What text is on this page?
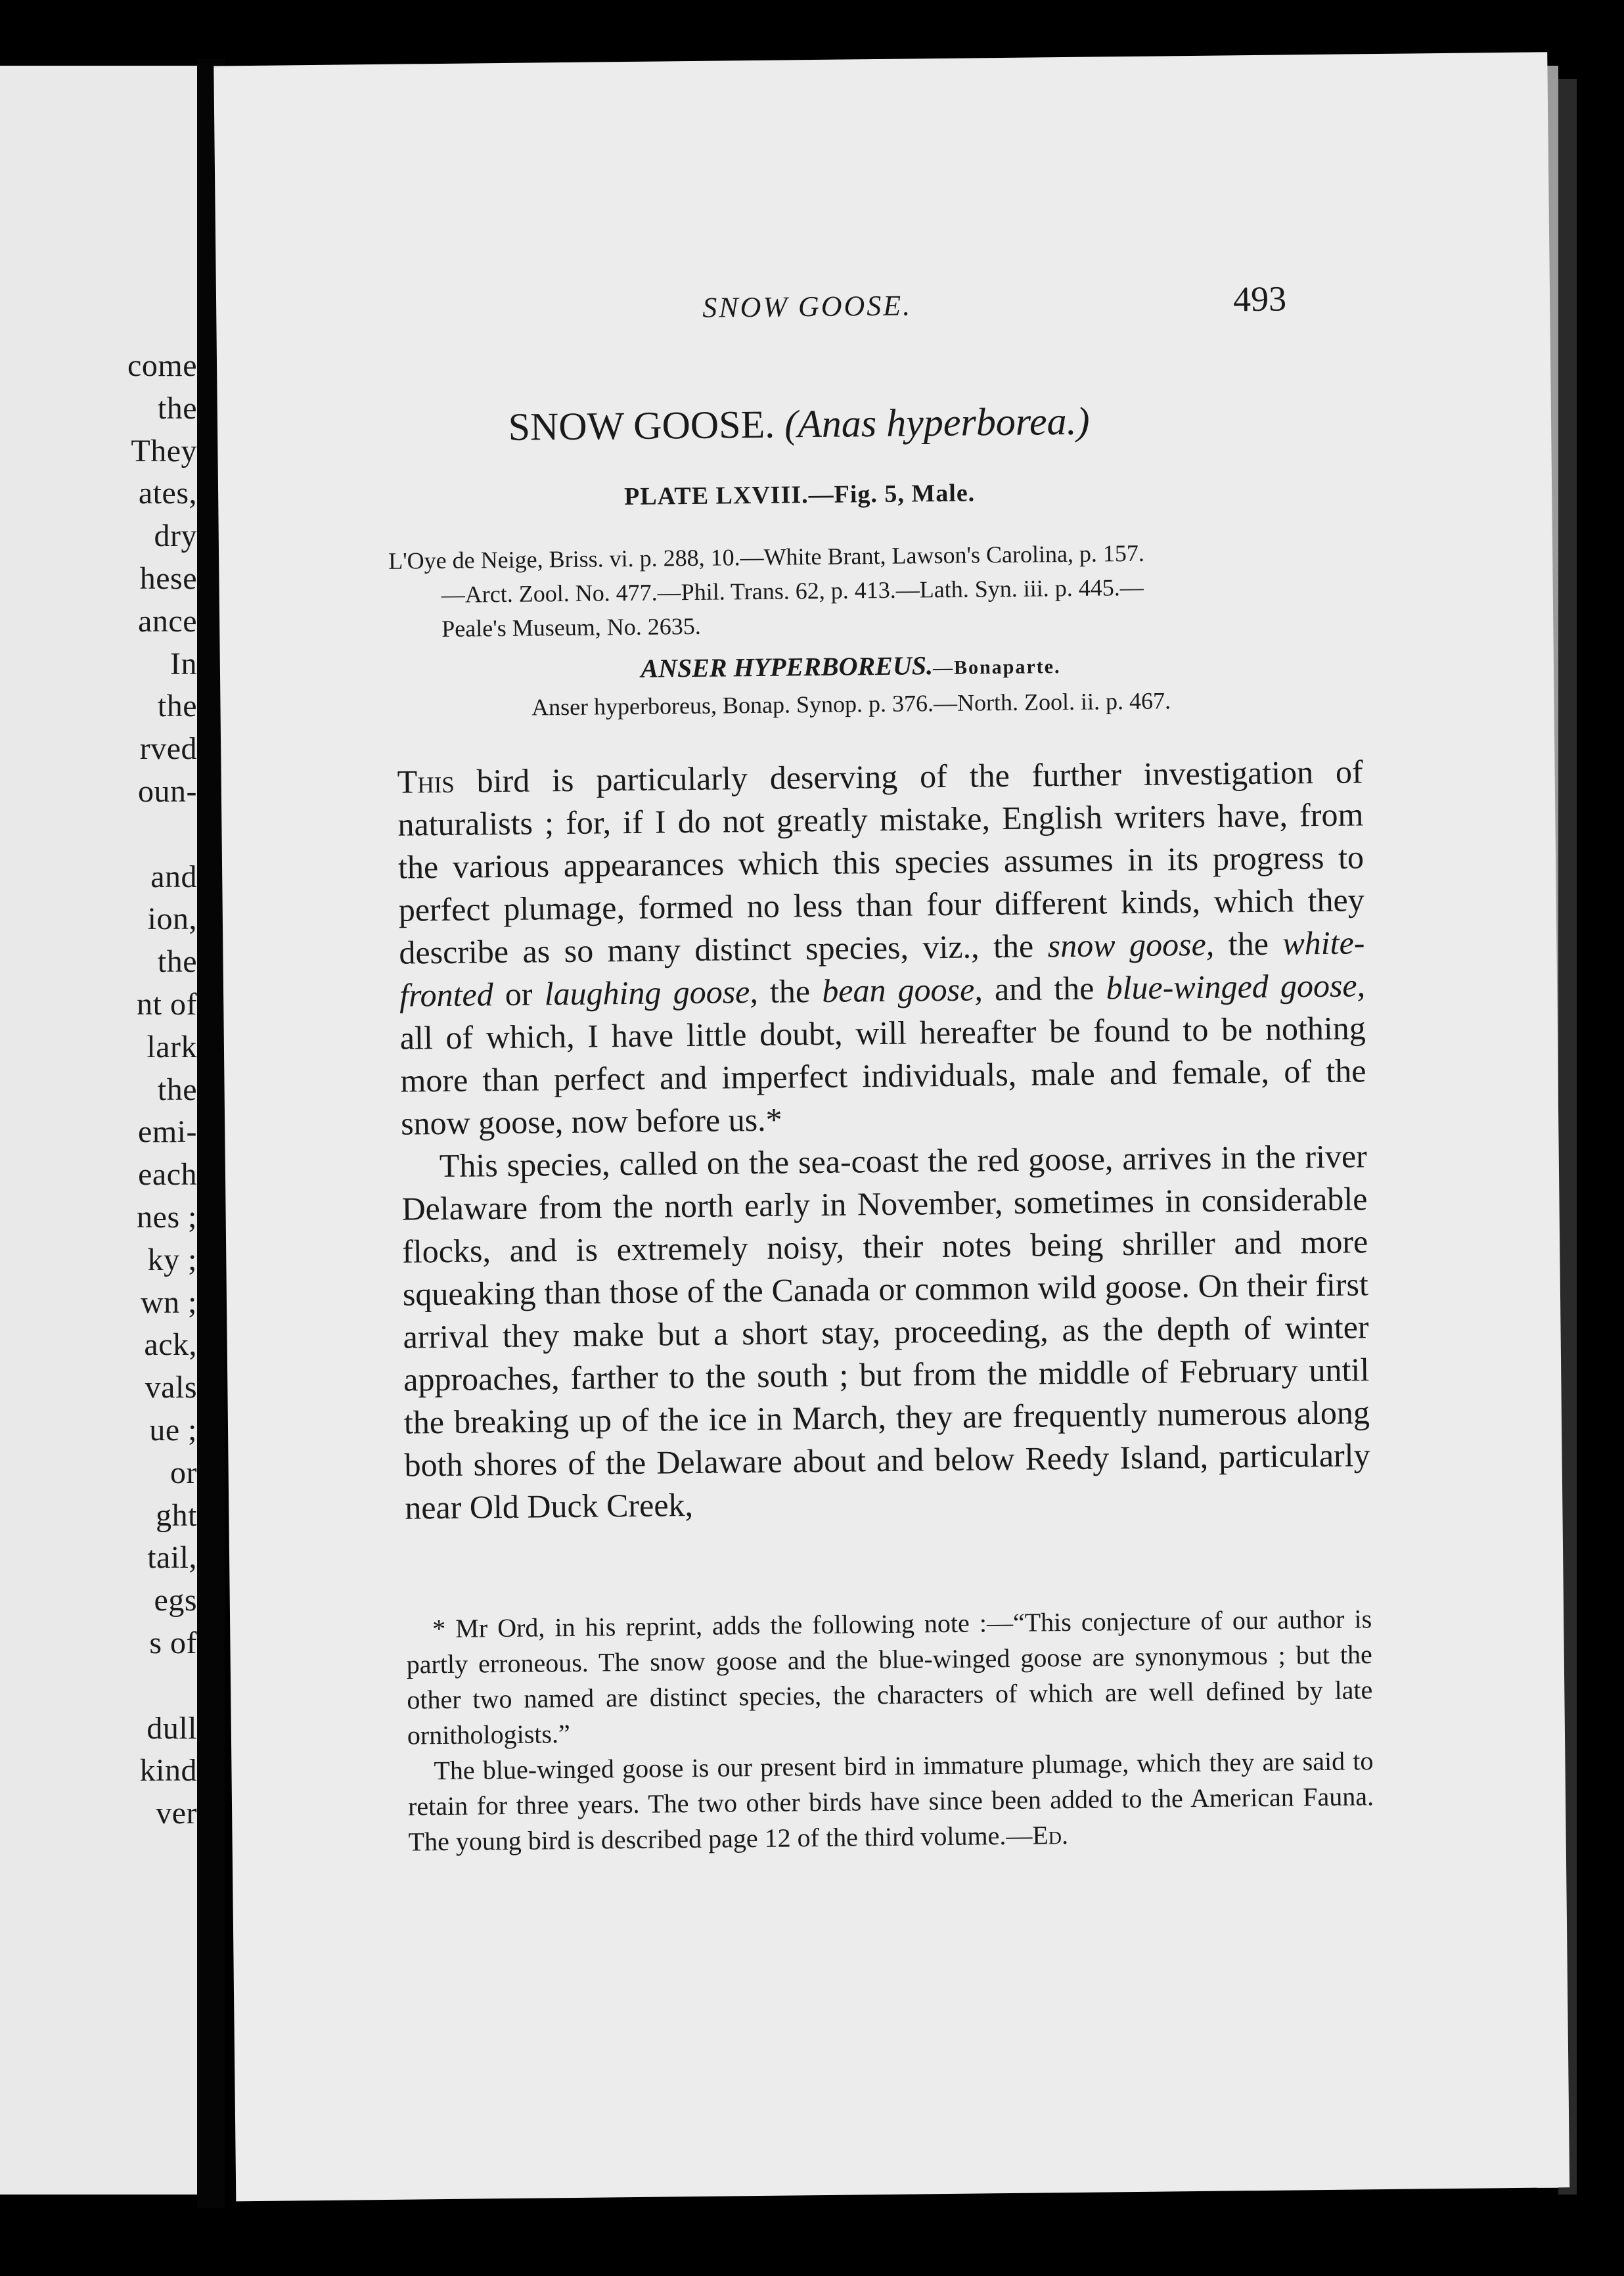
come
the
They
ates,
dry
hese
ance
In
the
rved
oun-
and
ion,
the
nt of
lark
the
emi-
each
nes ;
ky ;
wn ;
ack,
vals
ue ;
or
ght
tail,
egs
s of
dull
kind
ver
SNOW GOOSE.	493
SNOW GOOSE. (Anas hyperborea.)
PLATE LXVIII.—Fig. 5, Male.
L'Oye de Neige, Briss. vi. p. 288, 10.—White Brant, Lawson's Carolina, p. 157.
—Arct. Zool. No. 477.—Phil. Trans. 62, p. 413.—Lath. Syn. iii. p. 445.—
Peale's Museum, No. 2635.
ANSER HYPERBOREUS.—Bonaparte.
Anser hyperboreus, Bonap. Synop. p. 376.—North. Zool. ii. p. 467.

This bird is particularly deserving of the further investigation of naturalists ; for, if I do not greatly mistake, English writers have, from the various appearances which this species assumes in its progress to perfect plumage, formed no less than four different kinds, which they describe as so many distinct species, viz., the snow goose, the white-fronted or laughing goose, the bean goose, and the blue-winged goose, all of which, I have little doubt, will hereafter be found to be nothing more than perfect and imperfect individuals, male and female, of the snow goose, now before us.*

This species, called on the sea-coast the red goose, arrives in the river Delaware from the north early in November, sometimes in considerable flocks, and is extremely noisy, their notes being shriller and more squeaking than those of the Canada or common wild goose. On their first arrival they make but a short stay, proceeding, as the depth of winter approaches, farther to the south ; but from the middle of February until the breaking up of the ice in March, they are frequently numerous along both shores of the Delaware about and below Reedy Island, particularly near Old Duck Creek,

* Mr Ord, in his reprint, adds the following note :—“This conjecture of our author is partly erroneous. The snow goose and the blue-winged goose are synonymous ; but the other two named are distinct species, the characters of which are well defined by late ornithologists.”

The blue-winged goose is our present bird in immature plumage, which they are said to retain for three years. The two other birds have since been added to the American Fauna. The young bird is described page 12 of the third volume.—Ed.
